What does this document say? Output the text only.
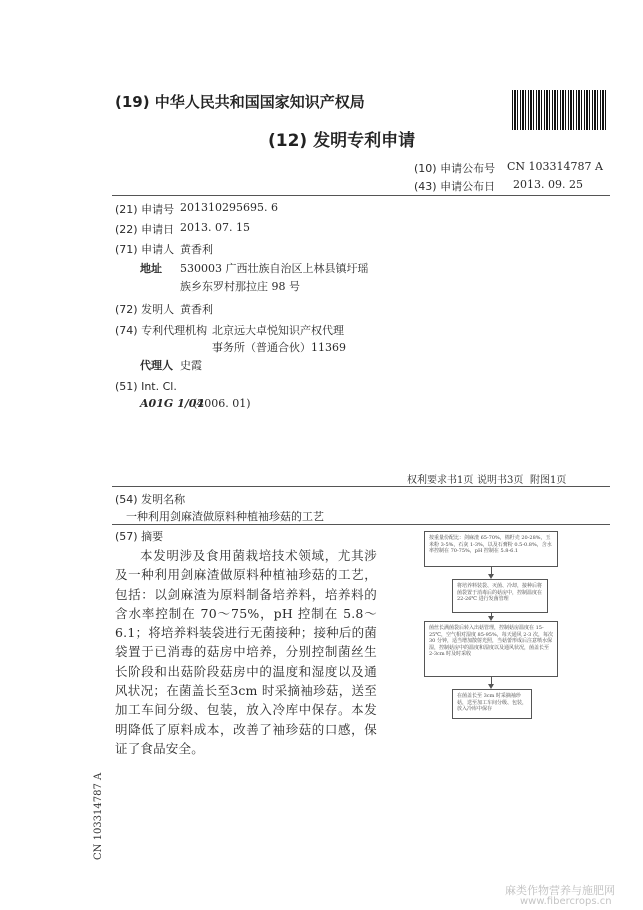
(19) 中华人民共和国国家知识产权局
(12) 发明专利申请
(10) 申请公布号 CN 103314787 A
(43) 申请公布日 2013. 09. 25
(21) 申请号 201310295695. 6
(22) 申请日 2013. 07. 15
(71) 申请人 黄香利
地址 530003 广西壮族自治区上林县镇圩瑶
族乡东罗村那拉庄 98 号
(72) 发明人 黄香利
(74) 专利代理机构 北京远大卓悦知识产权代理
事务所（普通合伙）11369
代理人 史霞
(51) Int. Cl.
A01G 1/04
(2006. 01)
权利要求书1页 说明书3页 附图1页
(54) 发明名称
一种利用剑麻渣做原料种植袖珍菇的工艺
(57) 摘要

本发明涉及食用菌栽培技术领域，尤其涉及一种利用剑麻渣做原料种植袖珍菇的工艺，包括：以剑麻渣为原料制备培养料，培养料的含水率控制在 70～75%，pH 控制在 5.8～6.1；将培养料装袋进行无菌接种；接种后的菌袋置于已消毒的菇房中培养，分别控制菌丝生长阶段和出菇阶段菇房中的温度和湿度以及通风状况；在菌盖长至3cm 时采摘袖珍菇，送至加工车间分级、包装，放入冷库中保存。本发明降低了原料成本，改善了袖珍菇的口感，保证了食品安全。

按重量份配比：剑麻渣 65-70%，棉籽壳 20-28%，玉米粉 3-5%，石灰 1-3%，以及石膏粉 0.5-0.8%，含水率控制在 70-75%，pH 控制在 5.8-6.1
将培养料装袋、灭菌、冷却，接种后将菌袋置于消毒后的菇房中，控制温度在 22-26℃ 进行发菌管理
菌丝长满菌袋后转入出菇管理，控制菇房温度在 15-25℃，空气相对湿度 85-95%，每天通风 2-3 次，每次 30 分钟，适当增加散射光照，当菇蕾形成后注意喷水保湿，控制菇房中的温度和湿度以及通风状况，菌盖长至 2-3cm 时及时采收
在菌盖长至 3cm 时采摘袖珍菇，送至加工车间分级、包装，放入冷库中保存
CN 103314787 A
麻类作物营养与施肥网
www.fibercrops.cn
